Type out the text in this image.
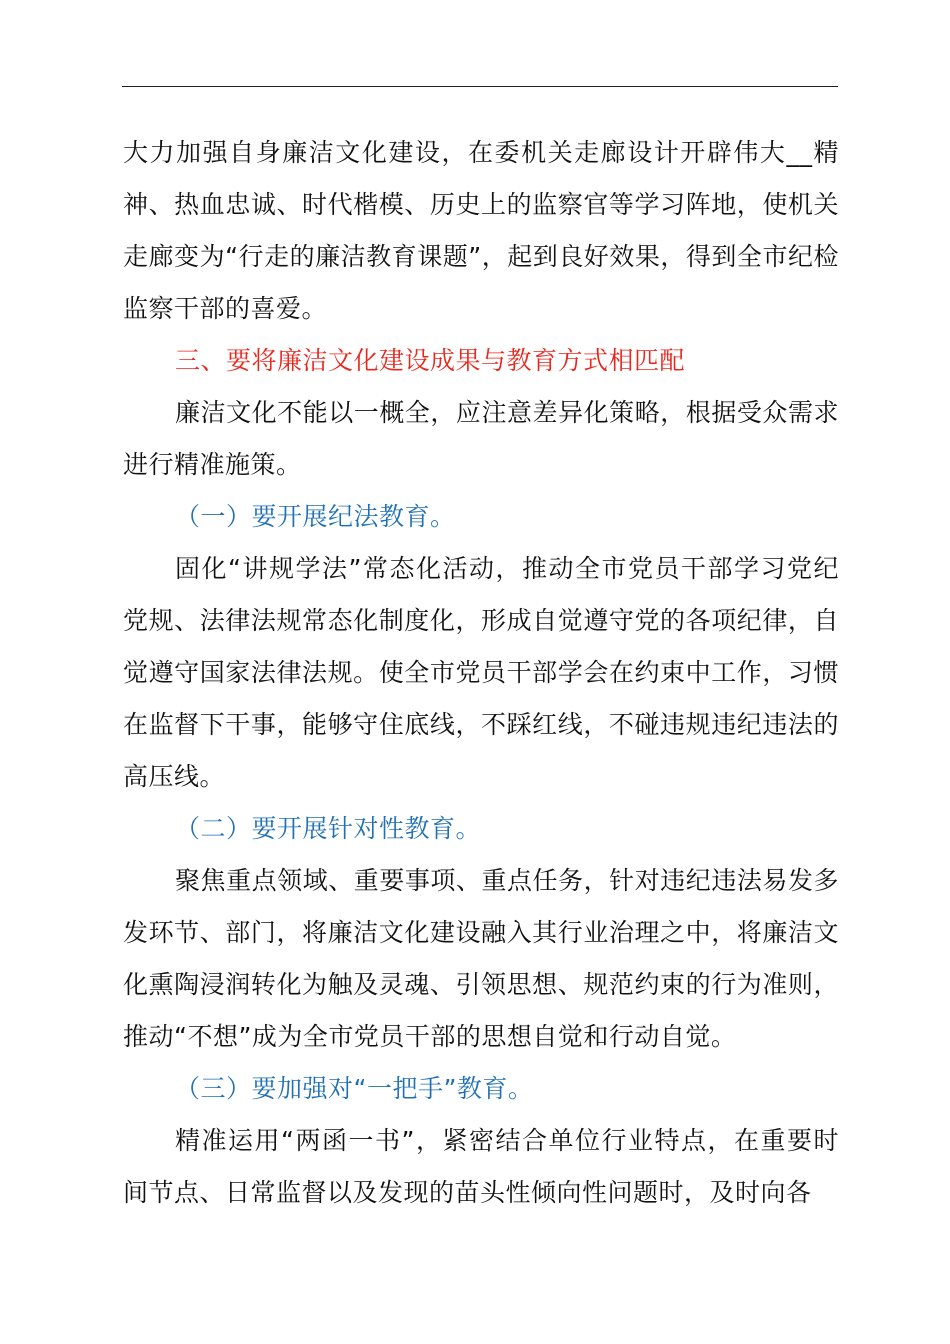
大力加强自身廉洁文化建设，在委机关走廊设计开辟伟大__精神、热血忠诚、时代楷模、历史上的监察官等学习阵地，使机关走廊变为“行走的廉洁教育课题”，起到良好效果，得到全市纪检监察干部的喜爱。

三、要将廉洁文化建设成果与教育方式相匹配

廉洁文化不能以一概全，应注意差异化策略，根据受众需求进行精准施策。

（一）要开展纪法教育。

固化“讲规学法”常态化活动，推动全市党员干部学习党纪党规、法律法规常态化制度化，形成自觉遵守党的各项纪律，自觉遵守国家法律法规。使全市党员干部学会在约束中工作，习惯在监督下干事，能够守住底线，不踩红线，不碰违规违纪违法的高压线。

（二）要开展针对性教育。

聚焦重点领域、重要事项、重点任务，针对违纪违法易发多发环节、部门，将廉洁文化建设融入其行业治理之中，将廉洁文化熏陶浸润转化为触及灵魂、引领思想、规范约束的行为准则，推动“不想”成为全市党员干部的思想自觉和行动自觉。

（三）要加强对“一把手”教育。

精准运用“两函一书”，紧密结合单位行业特点，在重要时间节点、日常监督以及发现的苗头性倾向性问题时，及时向各
